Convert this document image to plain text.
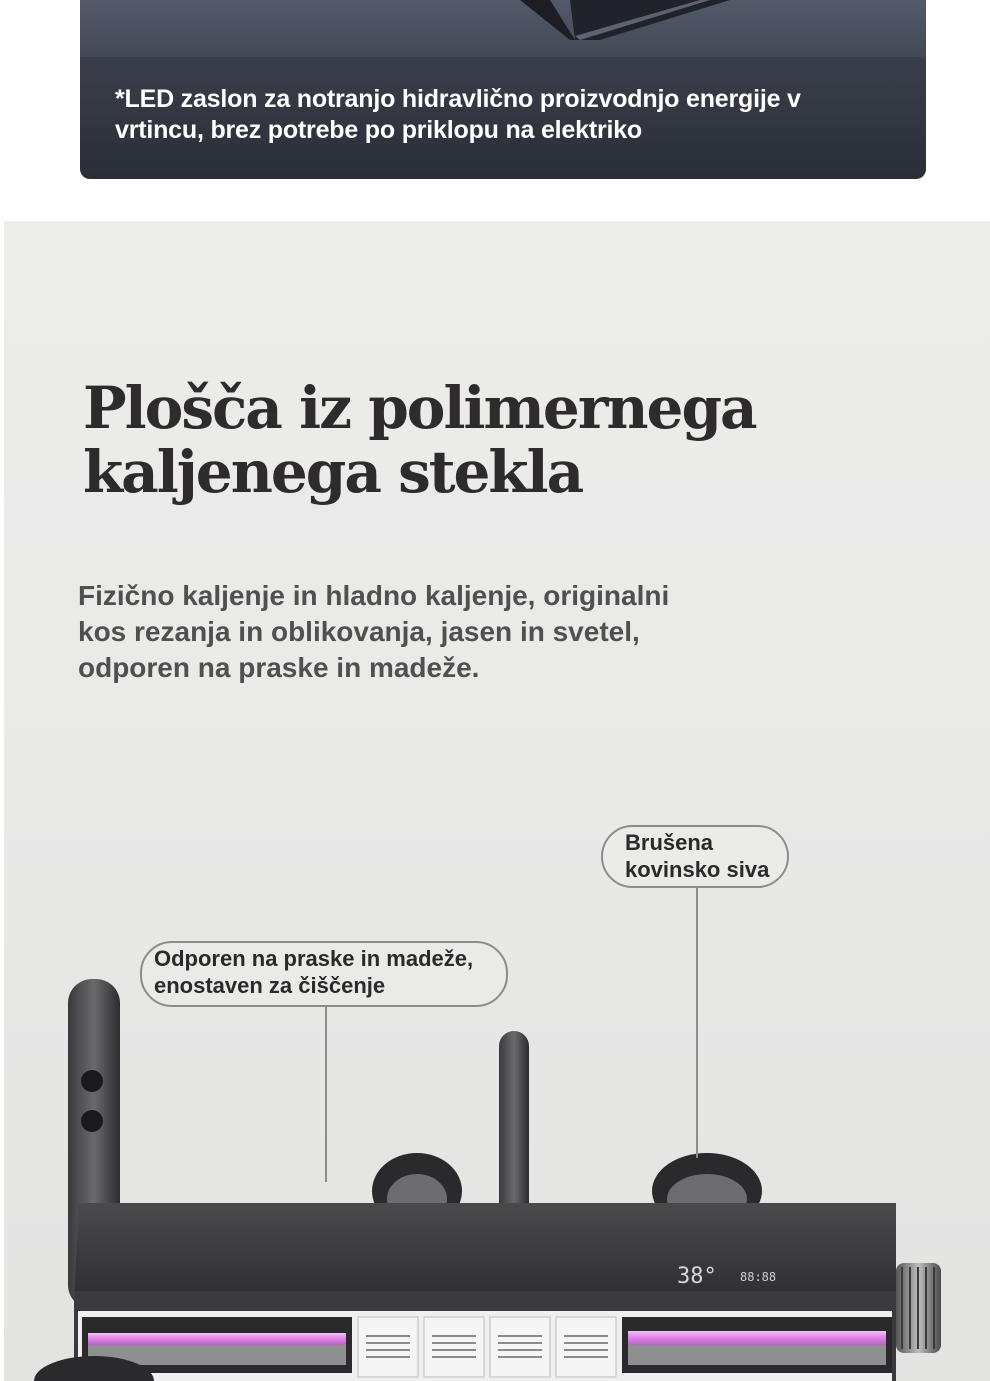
*LED zaslon za notranjo hidravlično proizvodnjo energije v
vrtincu, brez potrebe po priklopu na elektriko
Plošča iz polimernega
kaljenega stekla
Fizično kaljenje in hladno kaljenje, originalni
kos rezanja in oblikovanja, jasen in svetel,
odporen na praske in madeže.
38° 88:88
Brušena
kovinsko siva
Odporen na praske in madeže,
enostaven za čiščenje
